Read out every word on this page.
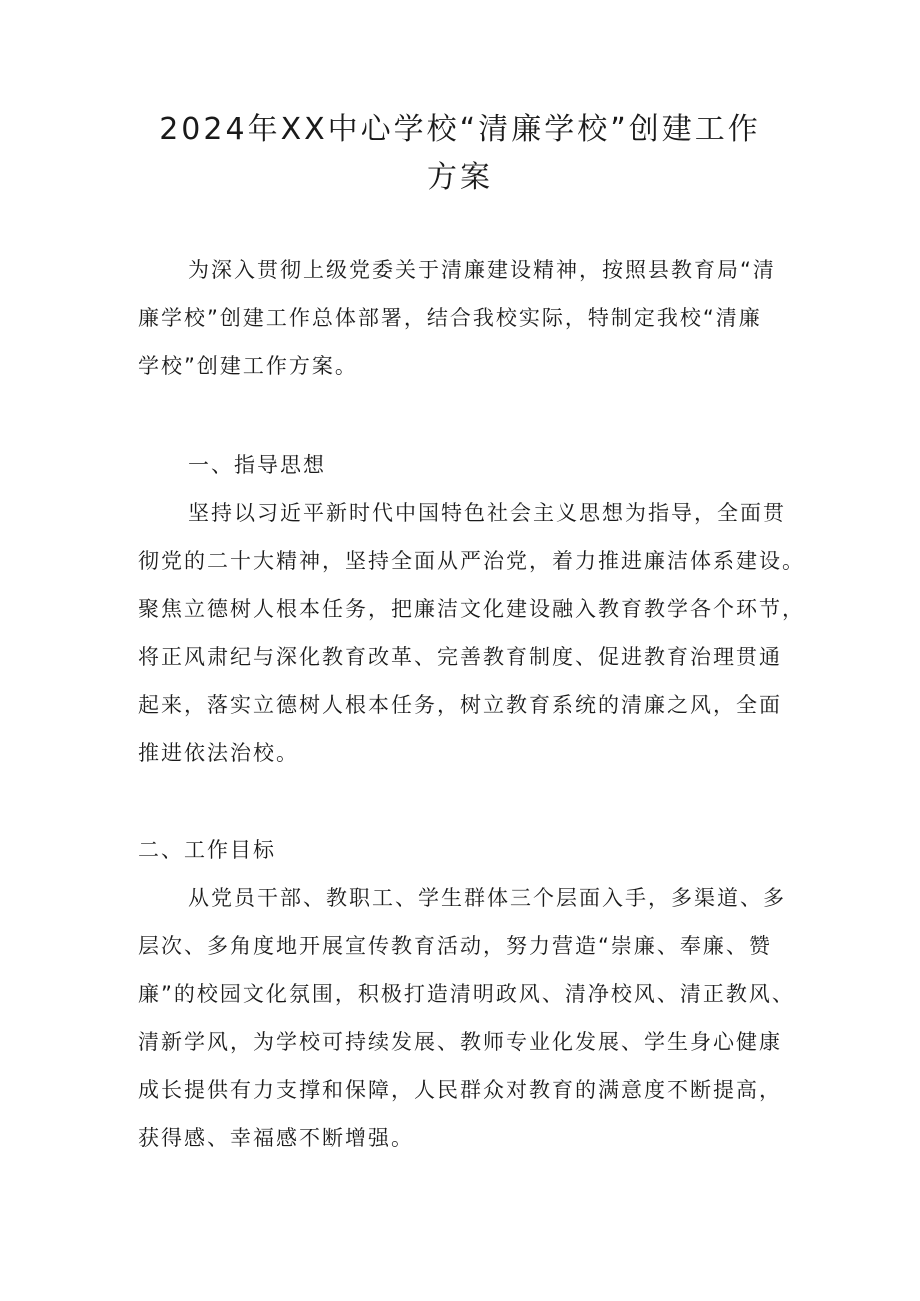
2024年XX中心学校“清廉学校”创建工作
方案

为深入贯彻上级党委关于清廉建设精神，按照县教育局“清
廉学校”创建工作总体部署，结合我校实际，特制定我校“清廉
学校”创建工作方案。

一、指导思想

坚持以习近平新时代中国特色社会主义思想为指导，全面贯
彻党的二十大精神，坚持全面从严治党，着力推进廉洁体系建设。
聚焦立德树人根本任务，把廉洁文化建设融入教育教学各个环节，
将正风肃纪与深化教育改革、完善教育制度、促进教育治理贯通
起来，落实立德树人根本任务，树立教育系统的清廉之风，全面
推进依法治校。

二、工作目标

从党员干部、教职工、学生群体三个层面入手，多渠道、多
层次、多角度地开展宣传教育活动，努力营造“崇廉、奉廉、赞
廉”的校园文化氛围，积极打造清明政风、清净校风、清正教风、
清新学风，为学校可持续发展、教师专业化发展、学生身心健康
成长提供有力支撑和保障，人民群众对教育的满意度不断提高，
获得感、幸福感不断增强。
